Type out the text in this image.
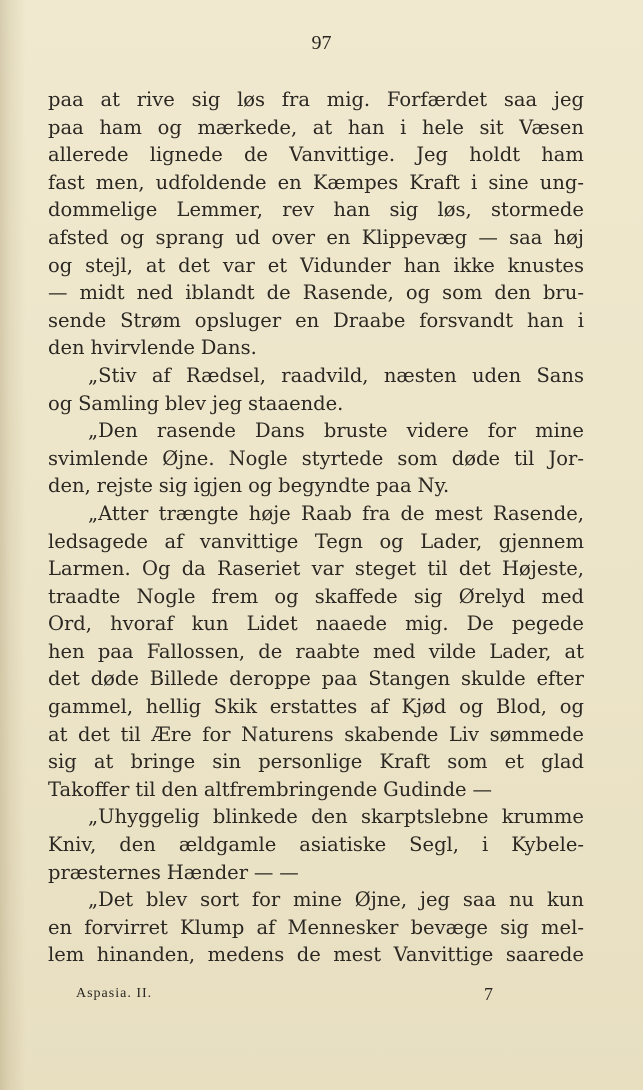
97
paa at rive sig løs fra mig. Forfærdet saa jeg
paa ham og mærkede, at han i hele sit Væsen
allerede lignede de Vanvittige. Jeg holdt ham
fast men, udfoldende en Kæmpes Kraft i sine ung-
dommelige Lemmer, rev han sig løs, stormede
afsted og sprang ud over en Klippevæg — saa høj
og stejl, at det var et Vidunder han ikke knustes
— midt ned iblandt de Rasende, og som den bru-
sende Strøm opsluger en Draabe forsvandt han i
den hvirvlende Dans.
„Stiv af Rædsel, raadvild, næsten uden Sans
og Samling blev jeg staaende.
„Den rasende Dans bruste videre for mine
svimlende Øjne. Nogle styrtede som døde til Jor-
den, rejste sig igjen og begyndte paa Ny.
„Atter trængte høje Raab fra de mest Rasende,
ledsagede af vanvittige Tegn og Lader, gjennem
Larmen. Og da Raseriet var steget til det Højeste,
traadte Nogle frem og skaffede sig Ørelyd med
Ord, hvoraf kun Lidet naaede mig. De pegede
hen paa Fallossen, de raabte med vilde Lader, at
det døde Billede deroppe paa Stangen skulde efter
gammel, hellig Skik erstattes af Kjød og Blod, og
at det til Ære for Naturens skabende Liv sømmede
sig at bringe sin personlige Kraft som et glad
Takoffer til den altfrembringende Gudinde —
„Uhyggelig blinkede den skarptslebne krumme
Kniv, den ældgamle asiatiske Segl, i Kybele-
præsternes Hænder — —
„Det blev sort for mine Øjne, jeg saa nu kun
en forvirret Klump af Mennesker bevæge sig mel-
lem hinanden, medens de mest Vanvittige saarede
Aspasia. II.	7
